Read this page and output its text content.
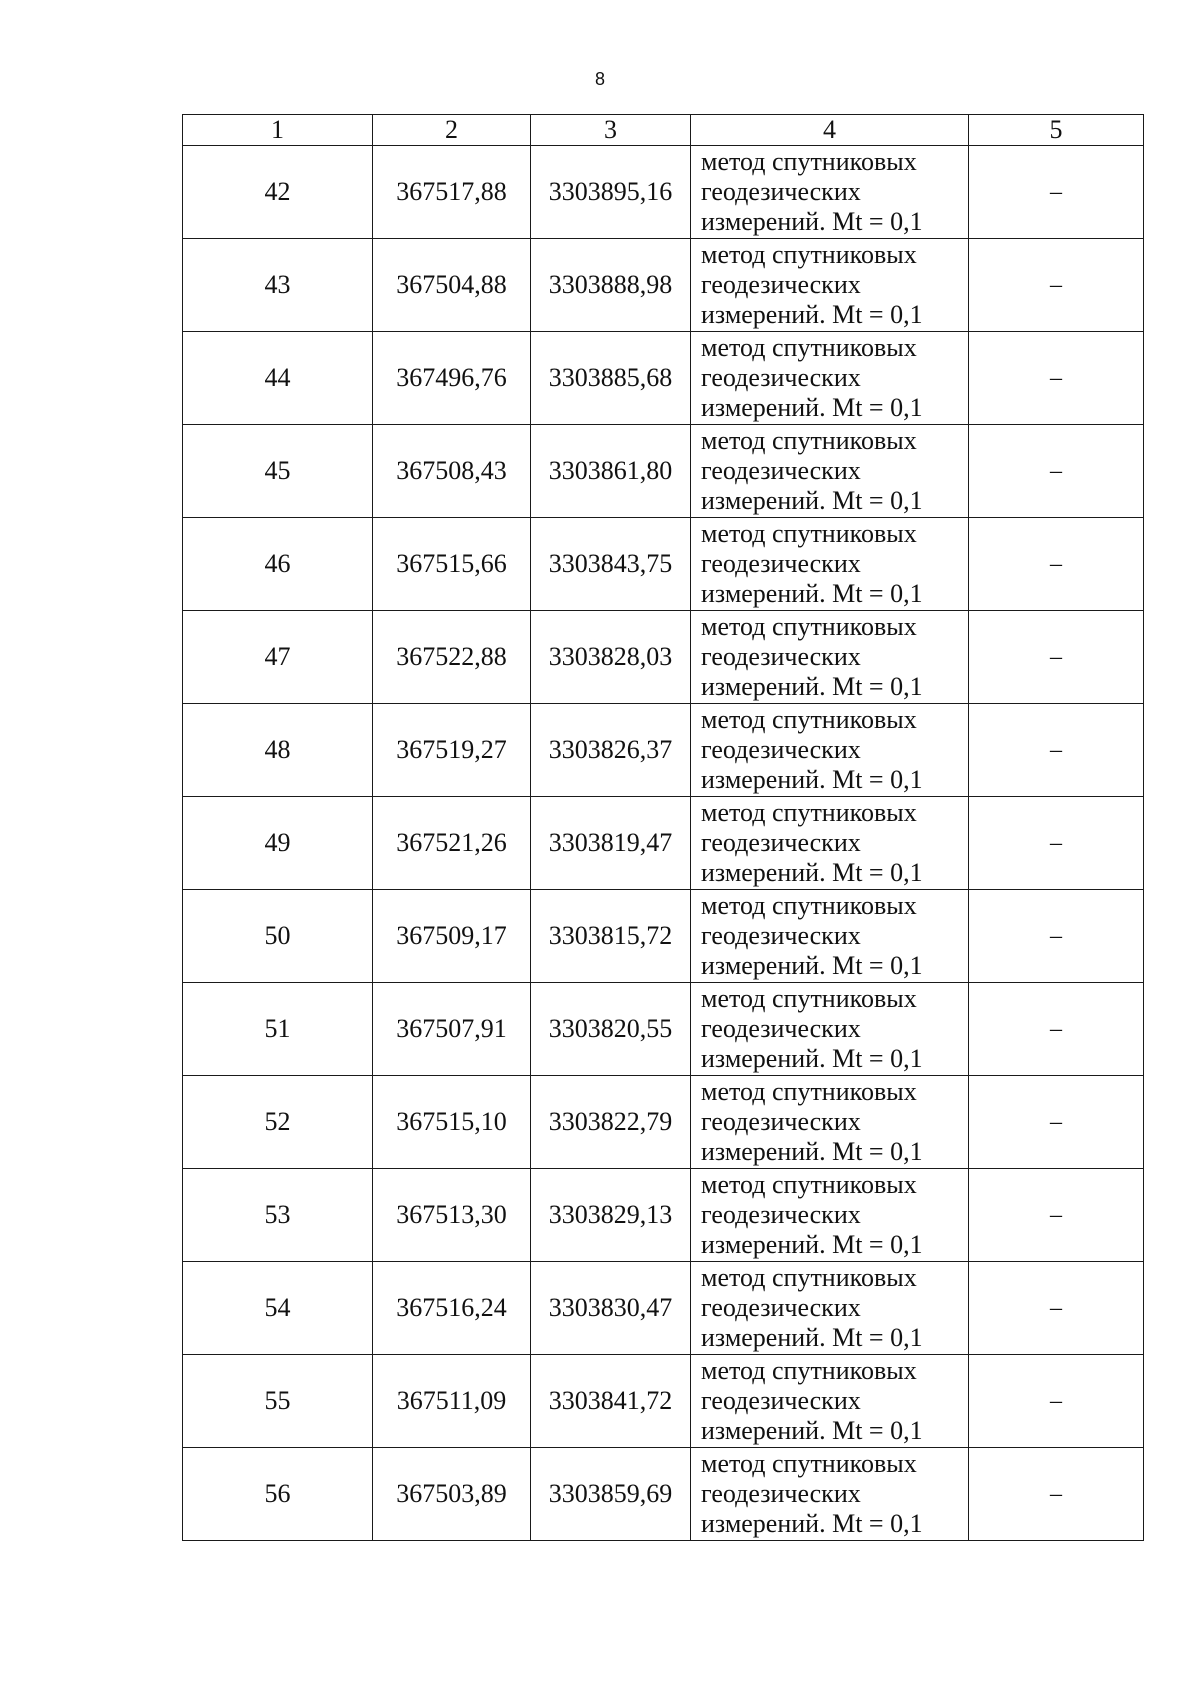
8
1	2	3	4	5
42	367517,88	3303895,16	метод спутниковых
геодезических
измерений. Mt = 0,1	–
43	367504,88	3303888,98	метод спутниковых
геодезических
измерений. Mt = 0,1	–
44	367496,76	3303885,68	метод спутниковых
геодезических
измерений. Mt = 0,1	–
45	367508,43	3303861,80	метод спутниковых
геодезических
измерений. Mt = 0,1	–
46	367515,66	3303843,75	метод спутниковых
геодезических
измерений. Mt = 0,1	–
47	367522,88	3303828,03	метод спутниковых
геодезических
измерений. Mt = 0,1	–
48	367519,27	3303826,37	метод спутниковых
геодезических
измерений. Mt = 0,1	–
49	367521,26	3303819,47	метод спутниковых
геодезических
измерений. Mt = 0,1	–
50	367509,17	3303815,72	метод спутниковых
геодезических
измерений. Mt = 0,1	–
51	367507,91	3303820,55	метод спутниковых
геодезических
измерений. Mt = 0,1	–
52	367515,10	3303822,79	метод спутниковых
геодезических
измерений. Mt = 0,1	–
53	367513,30	3303829,13	метод спутниковых
геодезических
измерений. Mt = 0,1	–
54	367516,24	3303830,47	метод спутниковых
геодезических
измерений. Mt = 0,1	–
55	367511,09	3303841,72	метод спутниковых
геодезических
измерений. Mt = 0,1	–
56	367503,89	3303859,69	метод спутниковых
геодезических
измерений. Mt = 0,1	–
